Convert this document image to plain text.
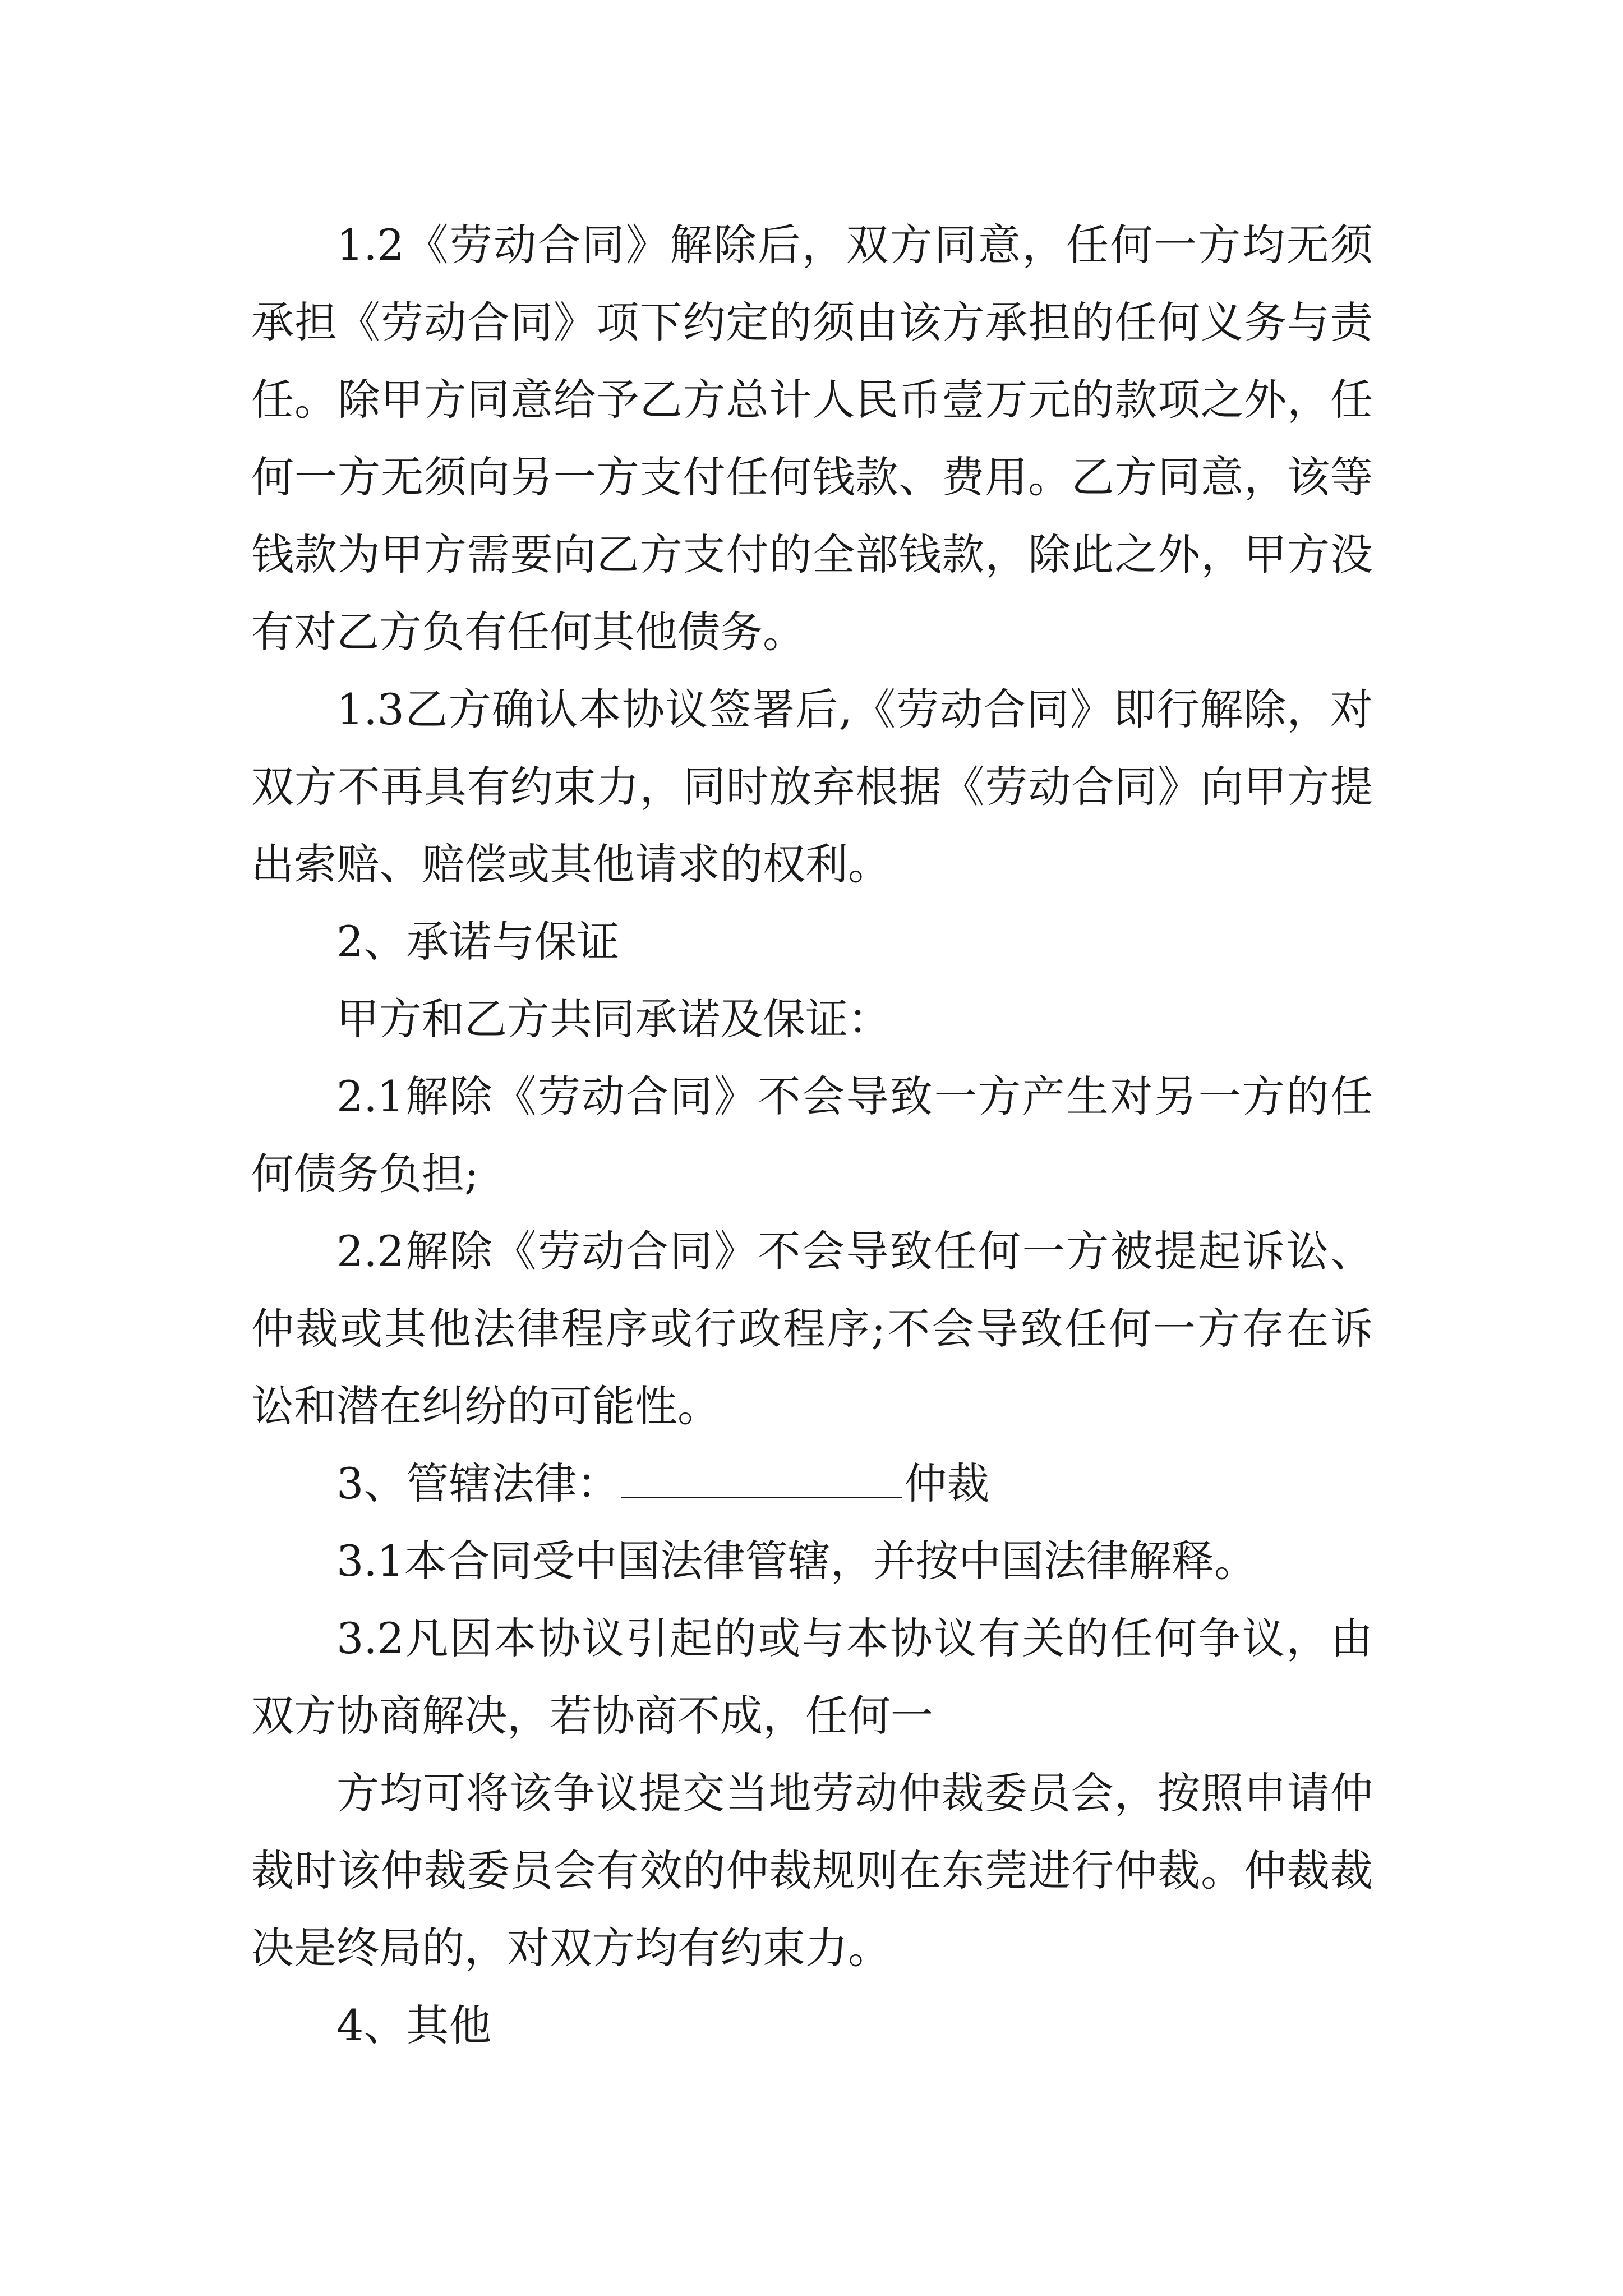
1.2《劳动合同》解除后，双方同意，任何一方均无须
承担《劳动合同》项下约定的须由该方承担的任何义务与责
任。除甲方同意给予乙方总计人民币壹万元的款项之外，任
何一方无须向另一方支付任何钱款、费用。乙方同意，该等
钱款为甲方需要向乙方支付的全部钱款，除此之外，甲方没
有对乙方负有任何其他债务。
1.3乙方确认本协议签署后,《劳动合同》即行解除，对
双方不再具有约束力，同时放弃根据《劳动合同》向甲方提
出索赔、赔偿或其他请求的权利。
2、承诺与保证
甲方和乙方共同承诺及保证：
2.1解除《劳动合同》不会导致一方产生对另一方的任
何债务负担;
2.2解除《劳动合同》不会导致任何一方被提起诉讼、
仲裁或其他法律程序或行政程序;不会导致任何一方存在诉
讼和潜在纠纷的可能性。
3、管辖法律：	仲裁
3.1本合同受中国法律管辖，并按中国法律解释。
3.2凡因本协议引起的或与本协议有关的任何争议，由
双方协商解决，若协商不成，任何一
方均可将该争议提交当地劳动仲裁委员会，按照申请仲
裁时该仲裁委员会有效的仲裁规则在东莞进行仲裁。仲裁裁
决是终局的，对双方均有约束力。
4、其他
